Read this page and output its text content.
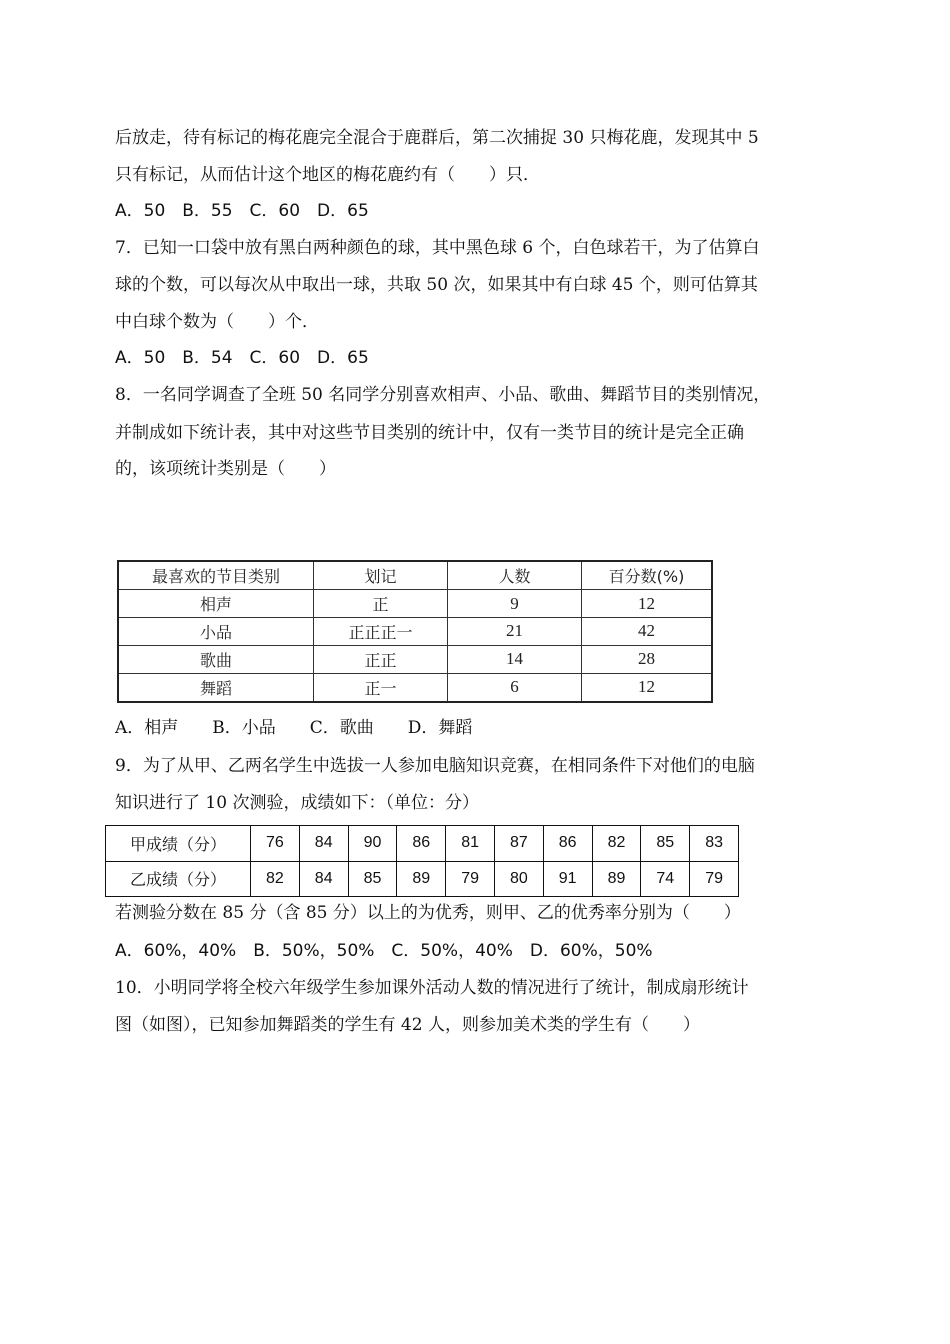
后放走，待有标记的梅花鹿完全混合于鹿群后，第二次捕捉 30 只梅花鹿，发现其中 5
只有标记，从而估计这个地区的梅花鹿约有（　　）只．
A．50　B．55　C．60　D．65
7．已知一口袋中放有黑白两种颜色的球，其中黑色球 6 个，白色球若干，为了估算白
球的个数，可以每次从中取出一球，共取 50 次，如果其中有白球 45 个，则可估算其
中白球个数为（　　）个．
A．50　B．54　C．60　D．65
8．一名同学调查了全班 50 名同学分别喜欢相声、小品、歌曲、舞蹈节目的类别情况，
并制成如下统计表，其中对这些节目类别的统计中，仅有一类节目的统计是完全正确
的，该项统计类别是（　　）
最喜欢的节目类别	划记	人数	百分数(%)
相声	正	9	12
小品	正正正一	21	42
歌曲	正正	14	28
舞蹈	正一	6	12
A．相声　　B．小品　　C．歌曲　　D．舞蹈
9．为了从甲、乙两名学生中选拔一人参加电脑知识竞赛，在相同条件下对他们的电脑
知识进行了 10 次测验，成绩如下：（单位：分）
甲成绩（分）	76	84	90	86	81	87	86	82	85	83
乙成绩（分）	82	84	85	89	79	80	91	89	74	79
若测验分数在 85 分（含 85 分）以上的为优秀，则甲、乙的优秀率分别为（　　）
A．60%，40%　B．50%，50%　C．50%，40%　D．60%，50%
10．小明同学将全校六年级学生参加课外活动人数的情况进行了统计，制成扇形统计
图（如图），已知参加舞蹈类的学生有 42 人，则参加美术类的学生有（　　）
